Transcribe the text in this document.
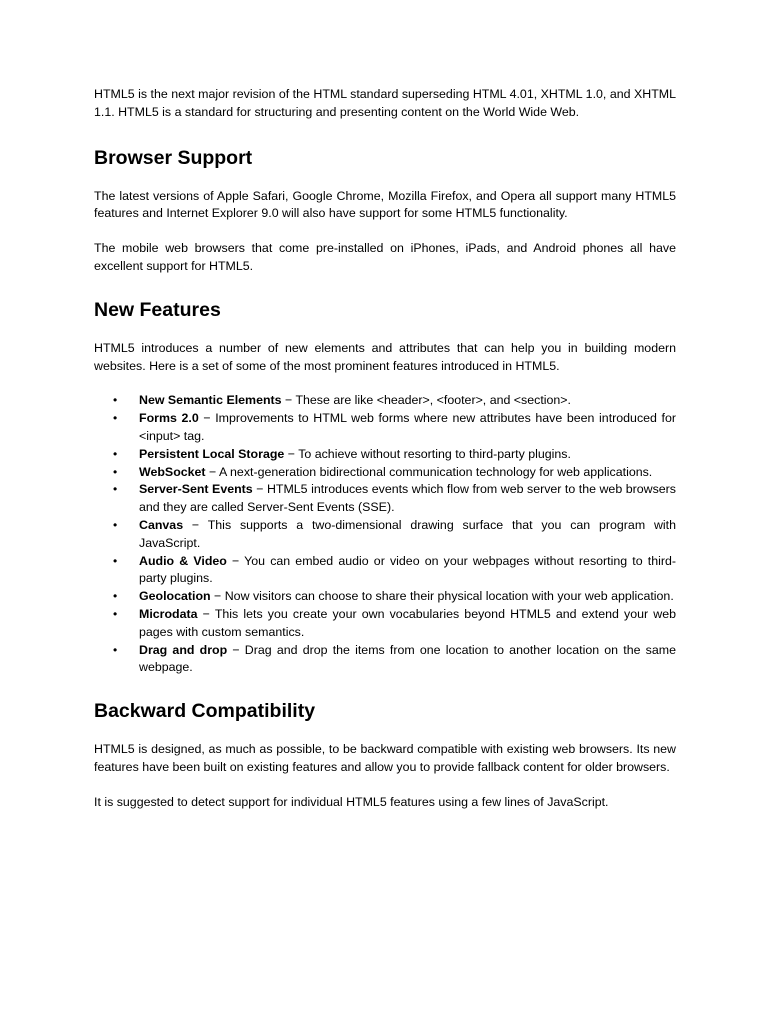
HTML5 is the next major revision of the HTML standard superseding HTML 4.01, XHTML 1.0, and XHTML 1.1. HTML5 is a standard for structuring and presenting content on the World Wide Web.

Browser Support

The latest versions of Apple Safari, Google Chrome, Mozilla Firefox, and Opera all support many HTML5 features and Internet Explorer 9.0 will also have support for some HTML5 functionality.

The mobile web browsers that come pre-installed on iPhones, iPads, and Android phones all have excellent support for HTML5.

New Features

HTML5 introduces a number of new elements and attributes that can help you in building modern websites. Here is a set of some of the most prominent features introduced in HTML5.

• New Semantic Elements − These are like <header>, <footer>, and <section>.
• Forms 2.0 − Improvements to HTML web forms where new attributes have been introduced for <input> tag.
• Persistent Local Storage − To achieve without resorting to third-party plugins.
• WebSocket − A next-generation bidirectional communication technology for web applications.
• Server-Sent Events − HTML5 introduces events which flow from web server to the web browsers and they are called Server-Sent Events (SSE).
• Canvas − This supports a two-dimensional drawing surface that you can program with JavaScript.
• Audio & Video − You can embed audio or video on your webpages without resorting to third-party plugins.
• Geolocation − Now visitors can choose to share their physical location with your web application.
• Microdata − This lets you create your own vocabularies beyond HTML5 and extend your web pages with custom semantics.
• Drag and drop − Drag and drop the items from one location to another location on the same webpage.
Backward Compatibility

HTML5 is designed, as much as possible, to be backward compatible with existing web browsers. Its new features have been built on existing features and allow you to provide fallback content for older browsers.

It is suggested to detect support for individual HTML5 features using a few lines of JavaScript.
